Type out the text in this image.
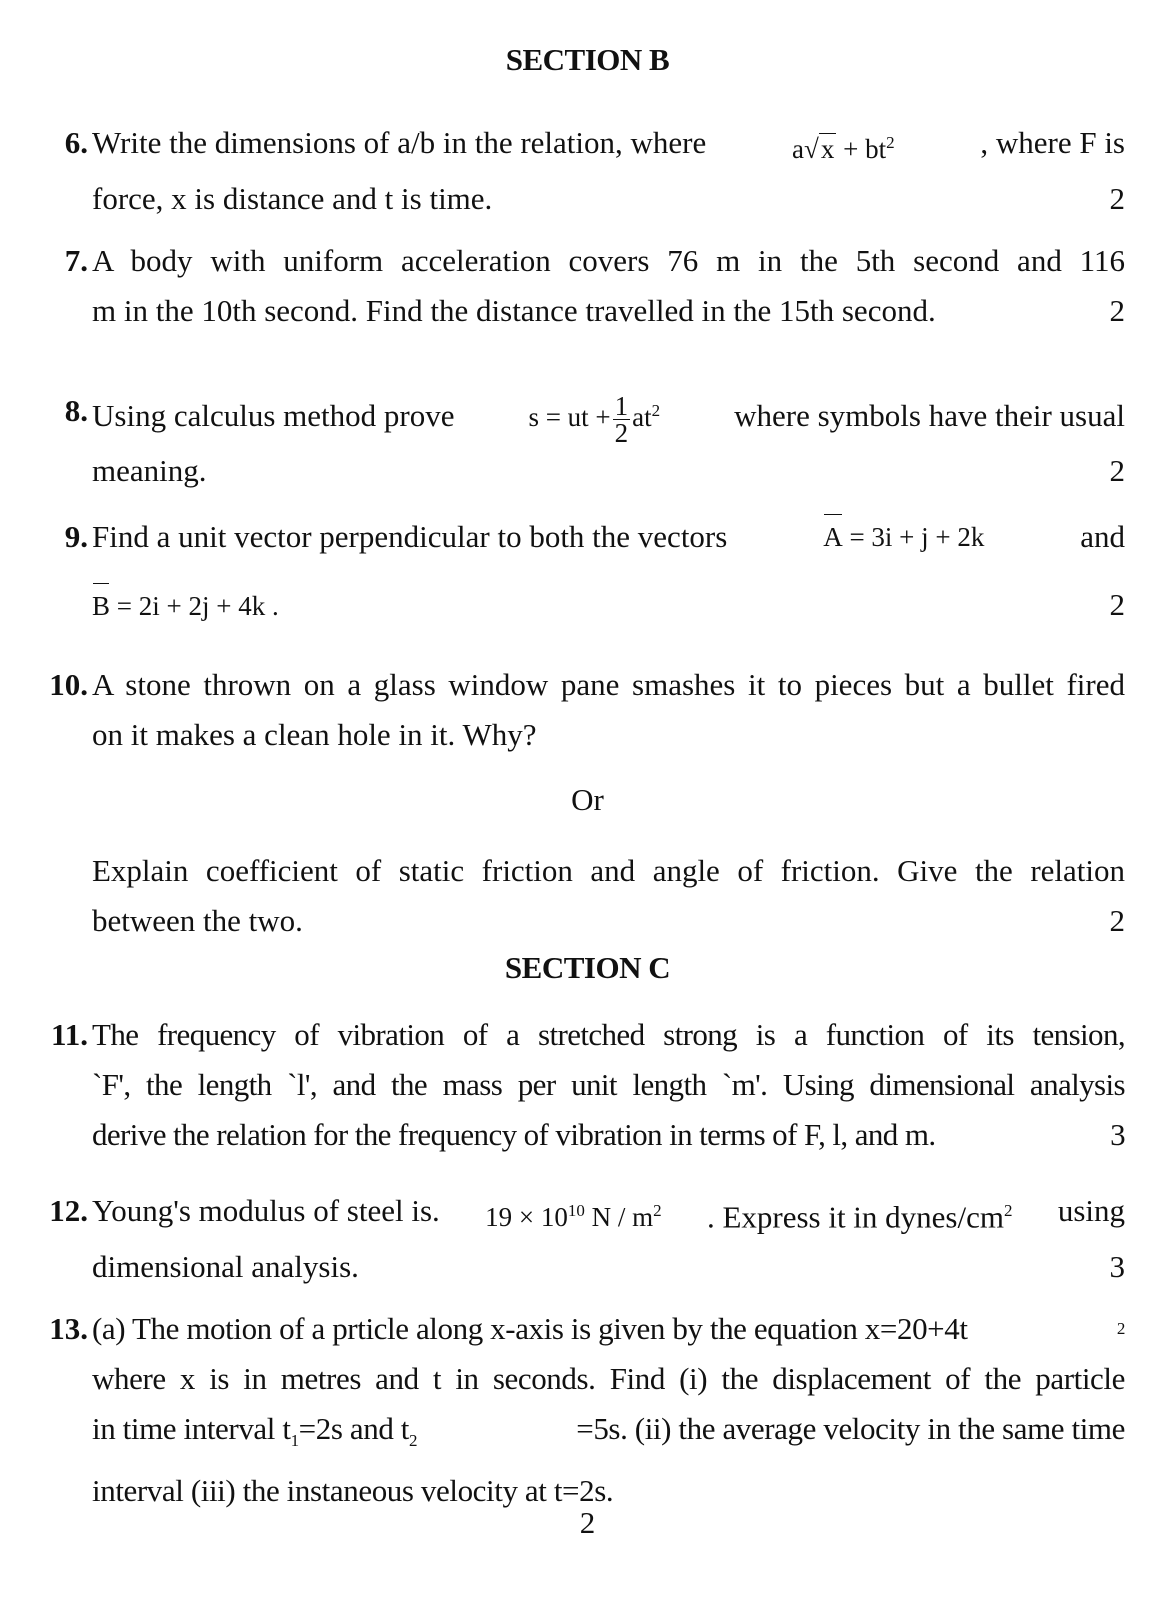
SECTION B
6. Write the dimensions of a/b in the relation, where	$a√x + bt^2$	, where F is
force, x is distance and t is time.	2
7. A body with uniform acceleration covers 76 m in the 5th second and 116
m in the 10th second. Find the distance travelled in the 15th second.	2
8. Using calculus method prove	s = ut + $\frac{1}{2} at^2$ where symbols have their usual
meaning.	2
9. Find a unit vector perpendicular to both the vectors	A = 3i + j + 2k	and
B = 2i + 2j + 4k .	2
10. A stone thrown on a glass window pane smashes it to pieces but a bullet fired
on it makes a clean hole in it. Why?
Or
Explain coefficient of static friction and angle of friction. Give the relation
between the two.	2
SECTION C
11. The frequency of vibration of a stretched strong is a function of its tension,
`F', the length `l', and the mass per unit length `m'. Using dimensional analysis
derive the relation for the frequency of vibration in terms of F, l, and m.	3
12. Young's modulus of steel is. $19 \times 10^{10}$ N / $m^2$ . Express it in dynes/$cm^2$ using
dimensional analysis.	3
13. (a) The motion of a prticle along x-axis is given by the equation x=20+4t	2
where x is in metres and t in seconds. Find (i) the displacement of the particle
in time interval $t_1=2s$ and $t_2$	=5s. (ii) the average velocity in the same time
interval (iii) the instaneous velocity at t=2s.
2
